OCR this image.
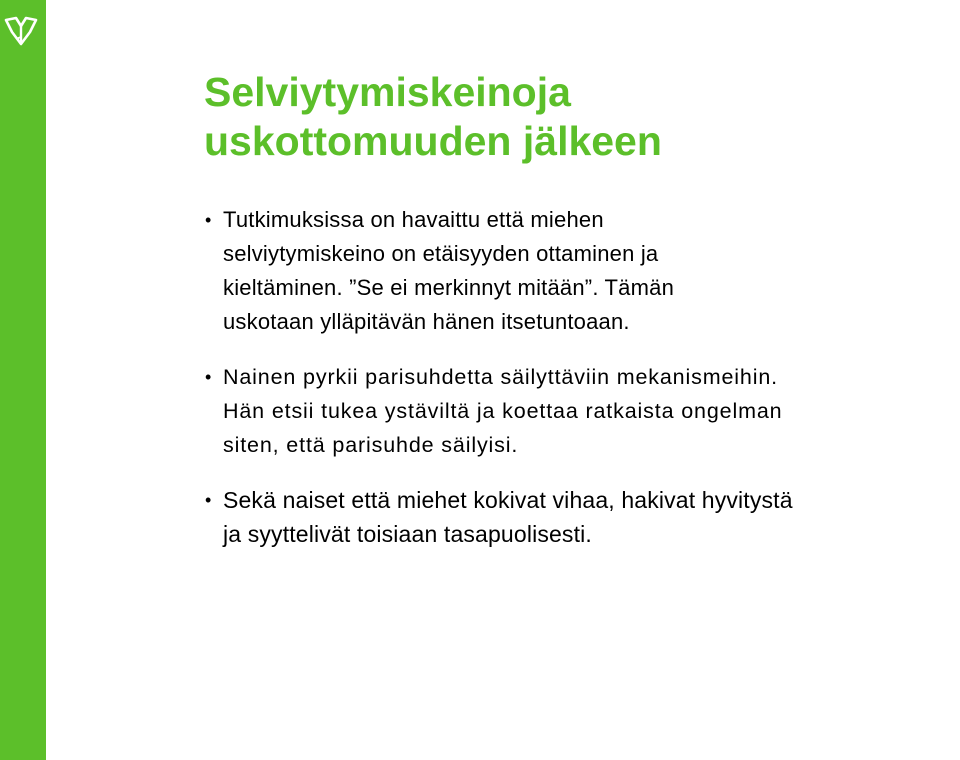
Selviytymiskeinoja
uskottomuuden jälkeen
• Tutkimuksissa on havaittu että miehen
selviytymiskeino on etäisyyden ottaminen ja
kieltäminen. ”Se ei merkinnyt mitään”. Tämän
uskotaan ylläpitävän hänen itsetuntoaan.
• Nainen pyrkii parisuhdetta säilyttäviin mekanismeihin.
Hän etsii tukea ystäviltä ja koettaa ratkaista ongelman
siten, että parisuhde säilyisi.
• Sekä naiset että miehet kokivat vihaa, hakivat hyvitystä
ja syyttelivät toisiaan tasapuolisesti.
